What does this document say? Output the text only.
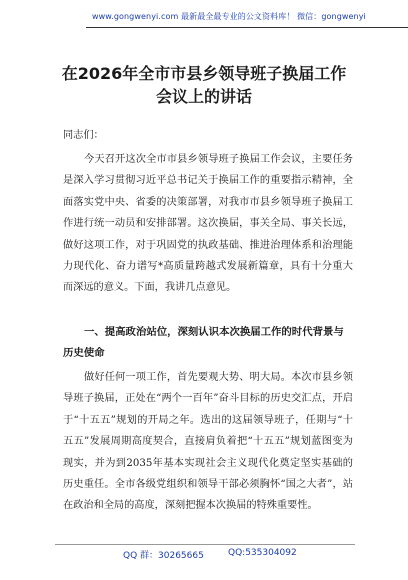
www.gongwenyi.com 最新最全最专业的公文资料库！ 微信：gongwenyi
在2026年全市市县乡领导班子换届工作
会议上的讲话

同志们：

今天召开这次全市市县乡领导班子换届工作会议，主要任务是深入学习贯彻习近平总书记关于换届工作的重要指示精神，全面落实党中央、省委的决策部署，对我市市县乡领导班子换届工作进行统一动员和安排部署。这次换届，事关全局、事关长远，做好这项工作，对于巩固党的执政基础、推进治理体系和治理能力现代化、奋力谱写*高质量跨越式发展新篇章，具有十分重大而深远的意义。下面，我讲几点意见。

一、提高政治站位，深刻认识本次换届工作的时代背景与历史使命

做好任何一项工作，首先要观大势、明大局。本次市县乡领导班子换届，正处在“两个一百年”奋斗目标的历史交汇点，开启于“十五五”规划的开局之年。选出的这届领导班子，任期与“十五五”发展周期高度契合，直接肩负着把“十五五”规划蓝图变为现实，并为到2035年基本实现社会主义现代化奠定坚实基础的历史重任。全市各级党组织和领导干部必须胸怀“国之大者”，站在政治和全局的高度，深刻把握本次换届的特殊重要性。

QQ 群：30265665	QQ:535304092
